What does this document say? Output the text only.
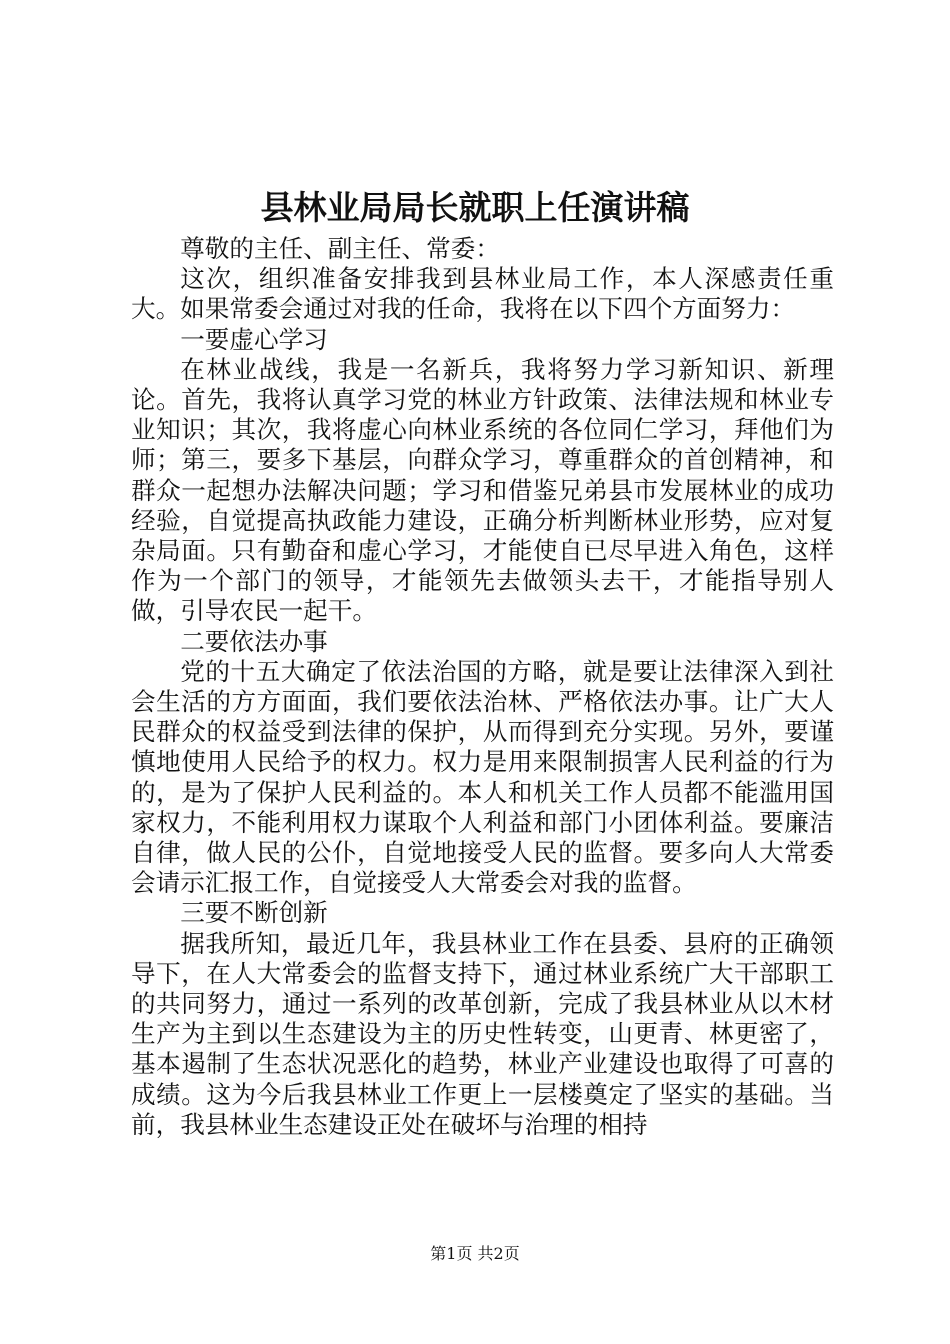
县林业局局长就职上任演讲稿

尊敬的主任、副主任、常委：

这次，组织准备安排我到县林业局工作，本人深感责任重大。如果常委会通过对我的任命，我将在以下四个方面努力：

一要虚心学习

在林业战线，我是一名新兵，我将努力学习新知识、新理论。首先，我将认真学习党的林业方针政策、法律法规和林业专业知识；其次，我将虚心向林业系统的各位同仁学习，拜他们为师；第三，要多下基层，向群众学习，尊重群众的首创精神，和群众一起想办法解决问题；学习和借鉴兄弟县市发展林业的成功经验，自觉提高执政能力建设，正确分析判断林业形势，应对复杂局面。只有勤奋和虚心学习，才能使自已尽早进入角色，这样作为一个部门的领导，才能领先去做领头去干，才能指导别人做，引导农民一起干。

二要依法办事

党的十五大确定了依法治国的方略，就是要让法律深入到社会生活的方方面面，我们要依法治林、严格依法办事。让广大人民群众的权益受到法律的保护，从而得到充分实现。另外，要谨慎地使用人民给予的权力。权力是用来限制损害人民利益的行为的，是为了保护人民利益的。本人和机关工作人员都不能滥用国家权力，不能利用权力谋取个人利益和部门小团体利益。要廉洁自律，做人民的公仆，自觉地接受人民的监督。要多向人大常委会请示汇报工作，自觉接受人大常委会对我的监督。

三要不断创新

据我所知，最近几年，我县林业工作在县委、县府的正确领导下，在人大常委会的监督支持下，通过林业系统广大干部职工的共同努力，通过一系列的改革创新，完成了我县林业从以木材生产为主到以生态建设为主的历史性转变，山更青、林更密了，基本遏制了生态状况恶化的趋势，林业产业建设也取得了可喜的成绩。这为今后我县林业工作更上一层楼奠定了坚实的基础。当前，我县林业生态建设正处在破坏与治理的相持

第1页 共2页
